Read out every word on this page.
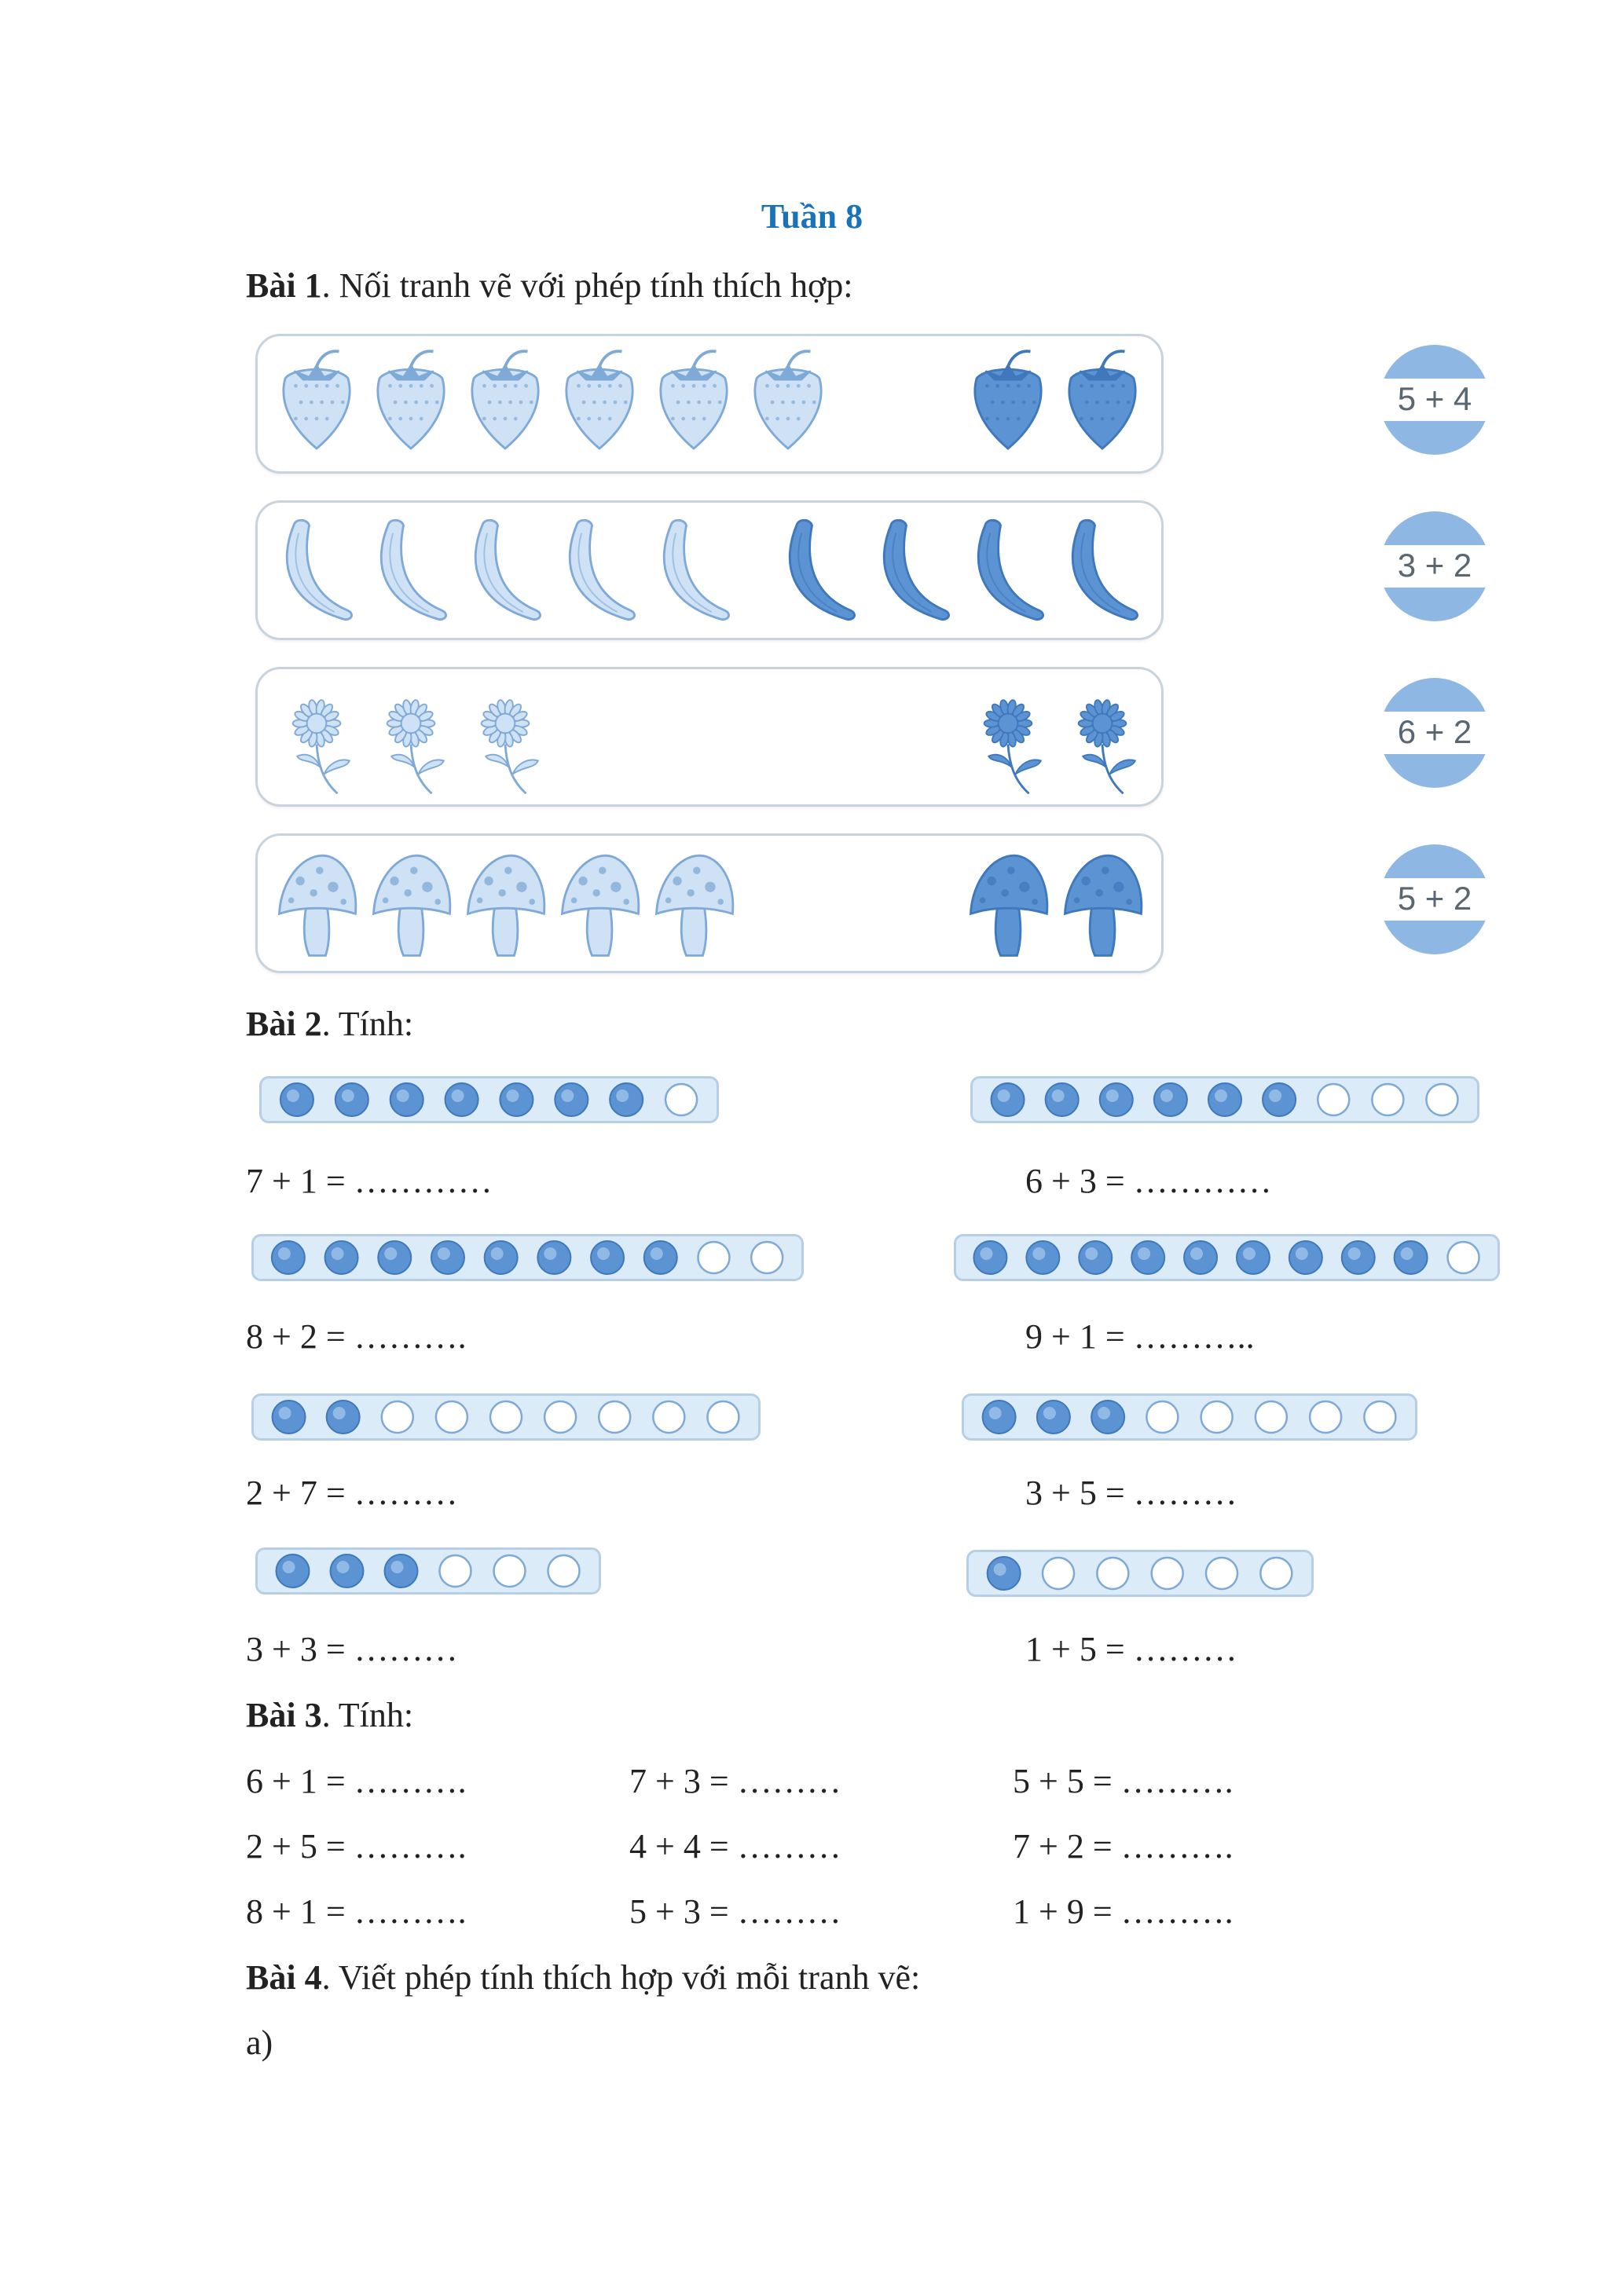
Tuần 8
Bài 1. Nối tranh vẽ với phép tính thích hợp:
5 + 4
3 + 2
6 + 2
5 + 2
Bài 2. Tính:
7 + 1 = …………	6 + 3 = …………
8 + 2 = ……….	9 + 1 = ………..
2 + 7 = ………	3 + 5 = ………
3 + 3 = ………	1 + 5 = ………
Bài 3. Tính:
6 + 1 = ……….	7 + 3 = ………	5 + 5 = ……….
2 + 5 = ……….	4 + 4 = ………	7 + 2 = ……….
8 + 1 = ……….	5 + 3 = ………	1 + 9 = ……….
Bài 4. Viết phép tính thích hợp với mỗi tranh vẽ:
a)
